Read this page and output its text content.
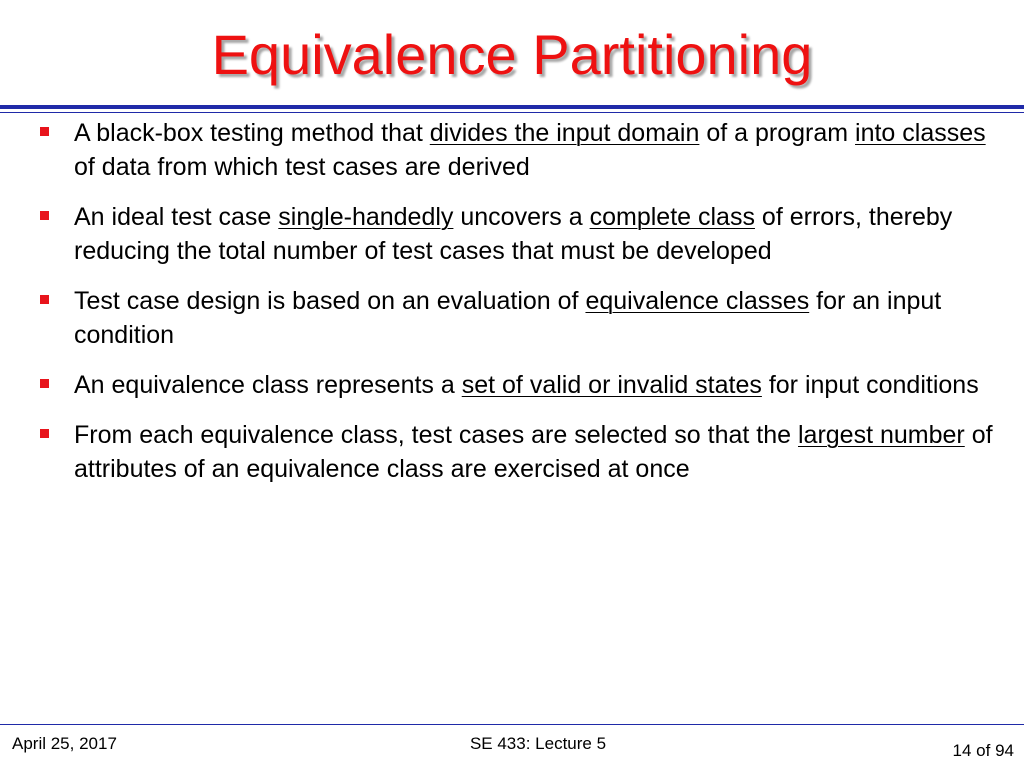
Equivalence Partitioning
A black-box testing method that divides the input domain of a program into classes of data from which test cases are derived
An ideal test case single-handedly uncovers a complete class of errors, thereby reducing the total number of test cases that must be developed
Test case design is based on an evaluation of equivalence classes for an input condition
An equivalence class represents a set of valid or invalid states for input conditions
From each equivalence class, test cases are selected so that the largest number of attributes of an equivalence class are exercised at once
April 25, 2017	SE 433: Lecture 5	14 of 94
